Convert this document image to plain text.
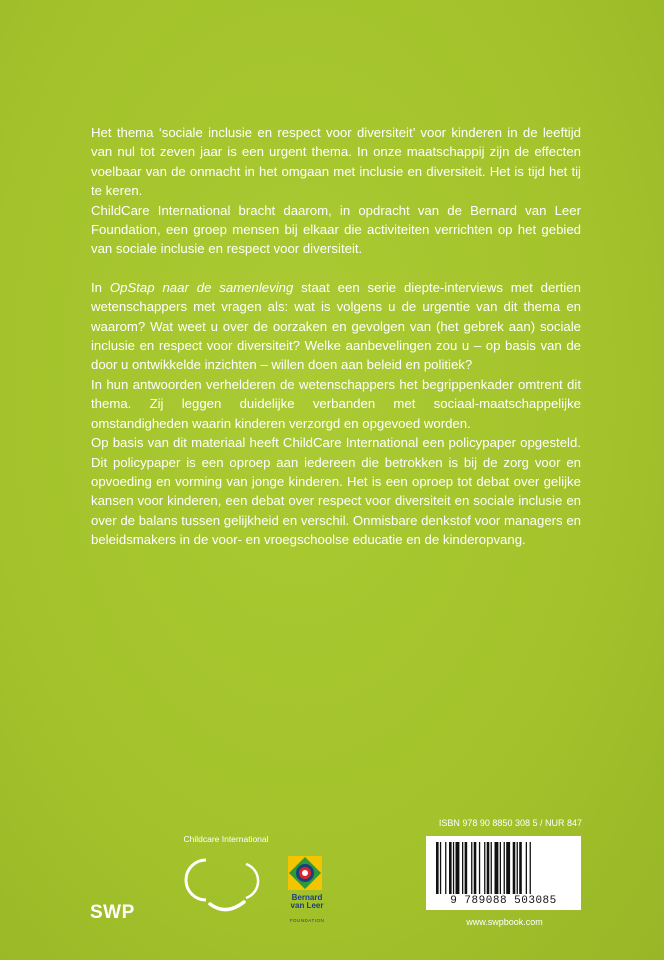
Het thema ‘sociale inclusie en respect voor diversiteit’ voor kinderen in de leeftijd van nul tot zeven jaar is een urgent thema. In onze maatschappij zijn de effecten voelbaar van de onmacht in het omgaan met inclusie en diversiteit. Het is tijd het tij te keren.

ChildCare International bracht daarom, in opdracht van de Bernard van Leer Foundation, een groep mensen bij elkaar die activiteiten verrichten op het gebied van sociale inclusie en respect voor diversiteit.

In OpStap naar de samenleving staat een serie diepte-interviews met dertien wetenschappers met vragen als: wat is volgens u de urgentie van dit thema en waarom? Wat weet u over de oorzaken en gevolgen van (het gebrek aan) sociale inclusie en respect voor diversiteit? Welke aanbevelingen zou u – op basis van de door u ontwikkelde inzichten – willen doen aan beleid en politiek?

In hun antwoorden verhelderen de wetenschappers het begrippenkader omtrent dit thema. Zij leggen duidelijke verbanden met sociaal-maatschappelijke omstandigheden waarin kinderen verzorgd en opgevoed worden.

Op basis van dit materiaal heeft ChildCare International een policypaper opgesteld. Dit policypaper is een oproep aan iedereen die betrokken is bij de zorg voor en opvoeding en vorming van jonge kinderen. Het is een oproep tot debat over gelijke kansen voor kinderen, een debat over respect voor diversiteit en sociale inclusie en over de balans tussen gelijkheid en verschil. Onmisbare denkstof voor managers en beleidsmakers in de voor- en vroegschoolse educatie en de kinderopvang.

ISBN 978 90 8850 308 5 / NUR 847
9 789088 503085
www.swpbook.com
SWP
Childcare International
Bernard
van Leer
FOUNDATION
